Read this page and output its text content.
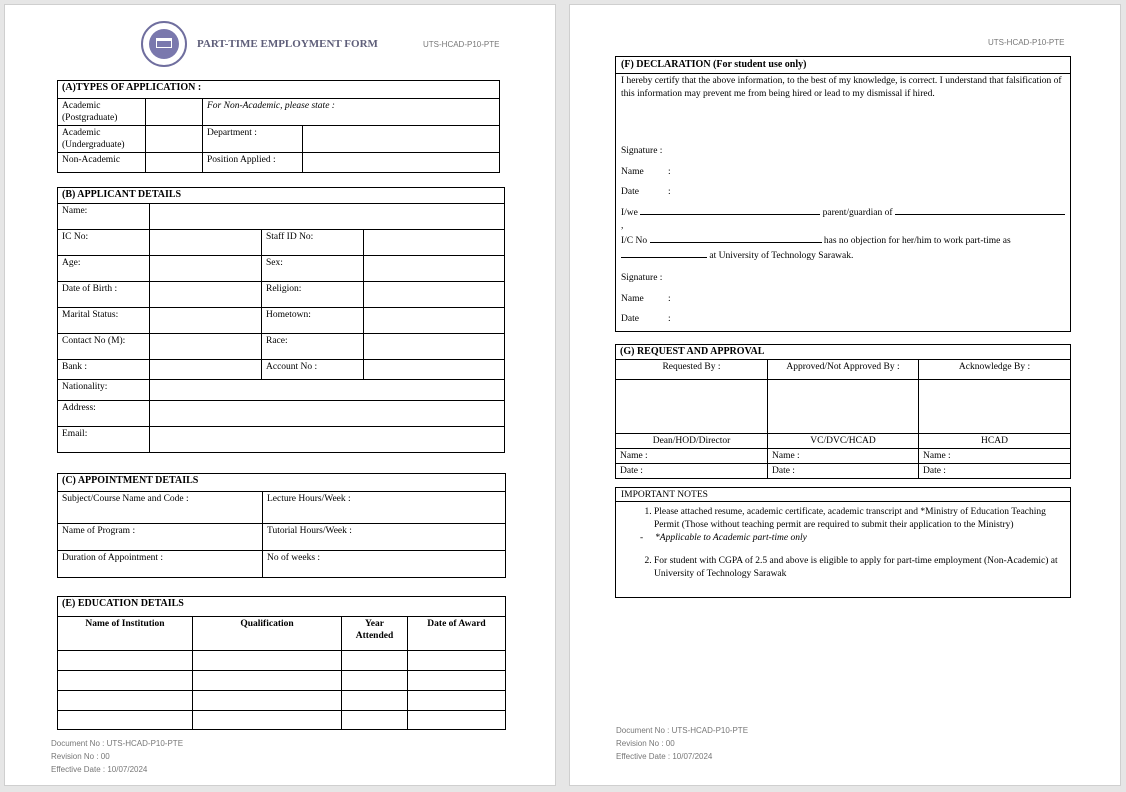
PART-TIME EMPLOYMENT FORM	UTS-HCAD-P10-PTE
(A)TYPES OF APPLICATION :			
Academic (Postgraduate)		For Non-Academic, please state :	
Academic (Undergraduate)		Department :	
Non-Academic		Position Applied :	
(B) APPLICANT DETAILS			
Name:			
IC No:		Staff ID No:	
Age:		Sex:	
Date of Birth :		Religion:	
Marital Status:		Hometown:	
Contact No (M):		Race:	
Bank :		Account No :	
Nationality:			
Address:			
Email:			
(C) APPOINTMENT DETAILS	
Subject/Course Name and Code :	Lecture Hours/Week :
Name of Program :	Tutorial Hours/Week :
Duration of Appointment :	No of weeks :
(E) EDUCATION DETAILS			
Name of Institution	Qualification	Year Attended	Date of Award

Document No : UTS-HCAD-P10-PTE
Revision No : 00
Effective Date : 10/07/2024
UTS-HCAD-P10-PTE
(F) DECLARATION (For student use only)
I hereby certify that the above information, to the best of my knowledge, is correct. I understand that falsification of this information may prevent me from being hired or lead to my dismissal if hired.
Signature :
Name	:
Date	:
I/we	parent/guardian of ,
I/C No	has no objection for her/him to work part-time as
at University of Technology Sarawak.
Signature :
Name	:
Date	:
(G) REQUEST AND APPROVAL		
Requested By :	Approved/Not Approved By :	Acknowledge By :

Dean/HOD/Director	VC/DVC/HCAD	HCAD
Name :	Name :	Name :
Date :	Date :	Date :
IMPORTANT NOTES
1. Please attached resume, academic certificate, academic transcript and *Ministry of Education Teaching Permit (Those without teaching permit are required to submit their application to the Ministry)
- *Applicable to Academic part-time only
2. For student with CGPA of 2.5 and above is eligible to apply for part-time employment (Non-Academic) at University of Technology Sarawak
Document No : UTS-HCAD-P10-PTE
Revision No : 00
Effective Date : 10/07/2024
